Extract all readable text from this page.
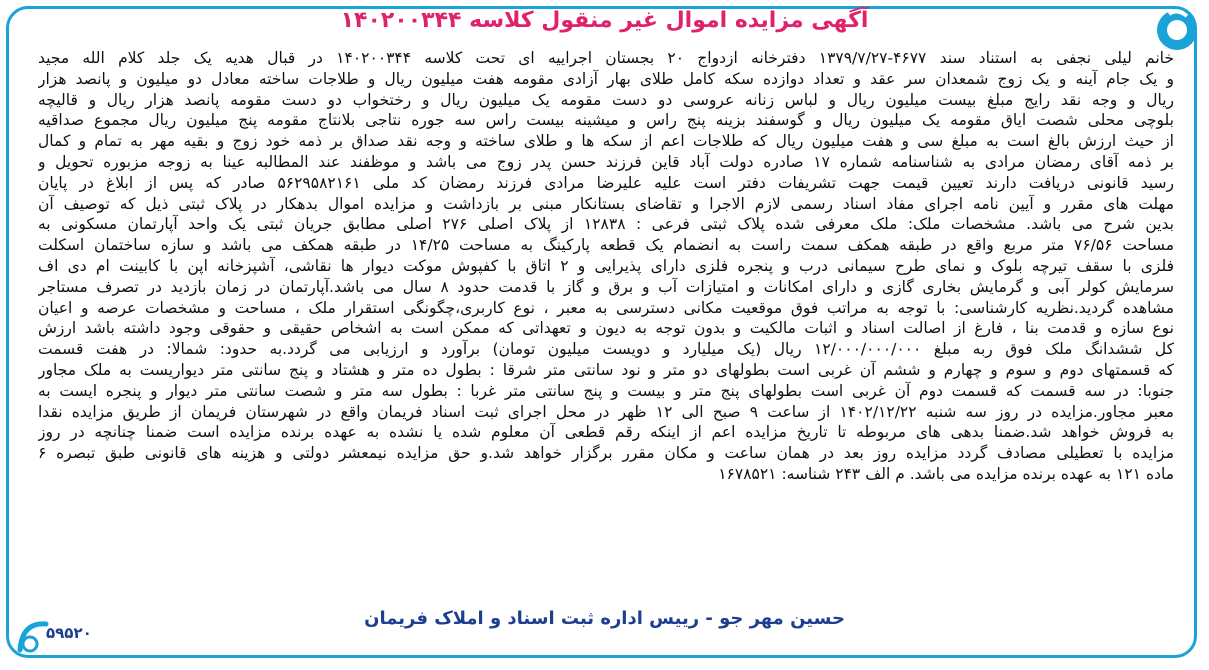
آگهی مزایده اموال غیر منقول کلاسه ۱۴۰۲۰۰۳۴۴
خانم لیلی نجفی به استناد سند ۴۶۷۷-۱۳۷۹/۷/۲۷ دفترخانه ازدواج ۲۰ بجستان اجراییه ای تحت کلاسه ۱۴۰۲۰۰۳۴۴ در قبال هدیه یک جلد کلام الله مجید
و یک جام آینه و یک زوج شمعدان سر عقد و تعداد دوازده سکه کامل طلای بهار آزادی مقومه هفت میلیون ریال و طلاجات ساخته معادل دو میلیون و پانصد هزار
ریال و وجه نقد رایج مبلغ بیست میلیون ریال و لباس زنانه عروسی دو دست مقومه یک میلیون ریال و رختخواب دو دست مقومه پانصد هزار ریال و قالیچه
بلوچی محلی شصت ایاق مقومه یک میلیون ریال و گوسفند بزینه پنج راس و میشینه بیست راس سه جوره نتاجی بلانتاج مقومه پنج میلیون ریال مجموع صداقیه
از حیث ارزش بالغ است به مبلغ سی و هفت میلیون ریال که طلاجات اعم از سکه ها و طلای ساخته و وجه نقد صداق بر ذمه خود زوج و بقیه مهر به تمام و کمال
بر ذمه آقای رمضان مرادی به شناسنامه شماره ۱۷ صادره دولت آباد قاین فرزند حسن پدر زوج می باشد و موظفند عند المطالبه عینا به زوجه مزبوره تحویل و
رسید قانونی دریافت دارند تعیین قیمت جهت تشریفات دفتر است علیه علیرضا مرادی فرزند رمضان کد ملی ۵۶۲۹۵۸۲۱۶۱ صادر که پس از ابلاغ در پایان
مهلت های مقرر و آیین نامه اجرای مفاد اسناد رسمی لازم الاجرا و تقاضای بستانکار مبنی بر بازداشت و مزایده اموال بدهکار در پلاک ثبتی ذیل که توصیف آن
بدین شرح می باشد. مشخصات ملک: ملک معرفی شده پلاک ثبتی فرعی : ۱۲۸۳۸ از پلاک اصلی ۲۷۶ اصلی مطابق جریان ثبتی یک واحد آپارتمان مسکونی به
مساحت ۷۶/۵۶ متر مربع واقع در طبقه همکف سمت راست به انضمام یک قطعه پارکینگ به مساحت ۱۴/۲۵ در طبقه همکف می باشد و سازه ساختمان اسکلت
فلزی با سقف تیرچه بلوک و نمای طرح سیمانی درب و پنجره فلزی دارای پذیرایی و ۲ اتاق با کفپوش موکت دیوار ها نقاشی، آشپزخانه اپن با کابینت ام دی اف
سرمایش کولر آبی و گرمایش بخاری گازی و دارای امکانات و امتیازات آب و برق و گاز با قدمت حدود ۸ سال می باشد.آپارتمان در زمان بازدید در تصرف مستاجر
مشاهده گردید.نظریه کارشناسی: با توجه به مراتب فوق موقعیت مکانی دسترسی به معبر ، نوع کاربری،چگونگی استقرار ملک ، مساحت و مشخصات عرصه و اعیان
نوع سازه و قدمت بنا ، فارغ از اصالت اسناد و اثبات مالکیت و بدون توجه به دیون و تعهداتی که ممکن است به اشخاص حقیقی و حقوقی وجود داشته باشد ارزش
کل ششدانگ ملک فوق ربه مبلغ ۱۲/۰۰۰/۰۰۰/۰۰۰ ریال (یک میلیارد و دویست میلیون تومان) برآورد و ارزیابی می گردد.به حدود: شمالا: در هفت قسمت
که قسمتهای دوم و سوم و چهارم و ششم آن غربی است بطولهای دو متر و نود سانتی متر شرقا : بطول ده متر و هشتاد و پنج سانتی متر دیواریست به ملک مجاور
جنوبا: در سه قسمت که قسمت دوم آن غربی است بطولهای پنج متر و بیست و پنج سانتی متر غربا : بطول سه متر و شصت سانتی متر دیوار و پنجره ایست به
معبر مجاور.مزایده در روز سه شنبه ۱۴۰۲/۱۲/۲۲ از ساعت ۹ صبح الی ۱۲ ظهر در محل اجرای ثبت اسناد فریمان واقع در شهرستان فریمان از طریق مزایده نقدا
به فروش خواهد شد.ضمنا بدهی های مربوطه تا تاریخ مزایده اعم از اینکه رقم قطعی آن معلوم شده یا نشده به عهده برنده مزایده است ضمنا چنانچه در روز
مزایده با تعطیلی مصادف گردد مزایده روز بعد در همان ساعت و مکان مقرر برگزار خواهد شد.و حق مزایده نیمعشر دولتی و هزینه های قانونی طبق تبصره ۶
ماده ۱۲۱ به عهده برنده مزایده می باشد. م الف ۲۴۳ شناسه: ۱۶۷۸۵۲۱
حسین مهر جو - رییس اداره ثبت اسناد و املاک فریمان
۵۹۵۲۰
